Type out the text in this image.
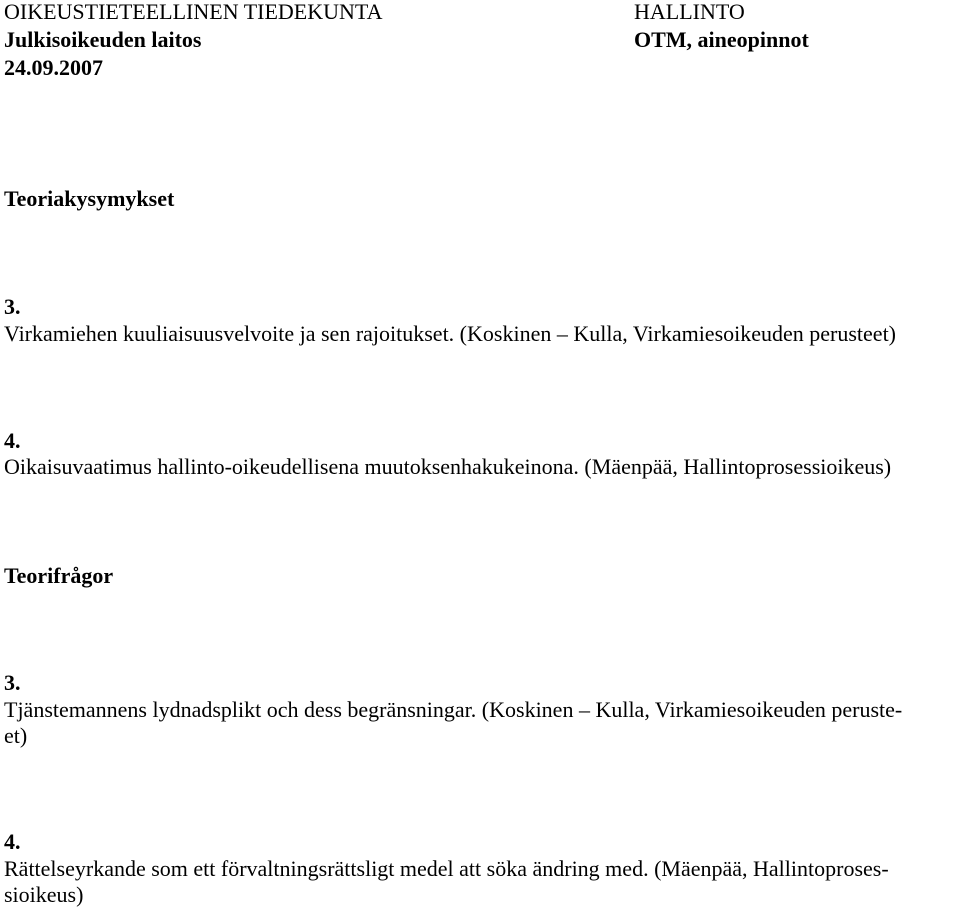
OIKEUSTIETEELLINEN TIEDEKUNTA
Julkisoikeuden laitos
24.09.2007
HALLINTO
OTM, aineopinnot
Teoriakysymykset
3.
Virkamiehen kuuliaisuusvelvoite ja sen rajoitukset. (Koskinen – Kulla, Virkamiesoikeuden perusteet)
4.
Oikaisuvaatimus hallinto-oikeudellisena muutoksenhakukeinona. (Mäenpää, Hallintoprosessioikeus)
Teorifrågor
3.
Tjänstemannens lydnadsplikt och dess begränsningar. (Koskinen – Kulla, Virkamiesoikeuden peruste-
et)
4.
Rättelseyrkande som ett förvaltningsrättsligt medel att söka ändring med. (Mäenpää, Hallintoproses-
sioikeus)
